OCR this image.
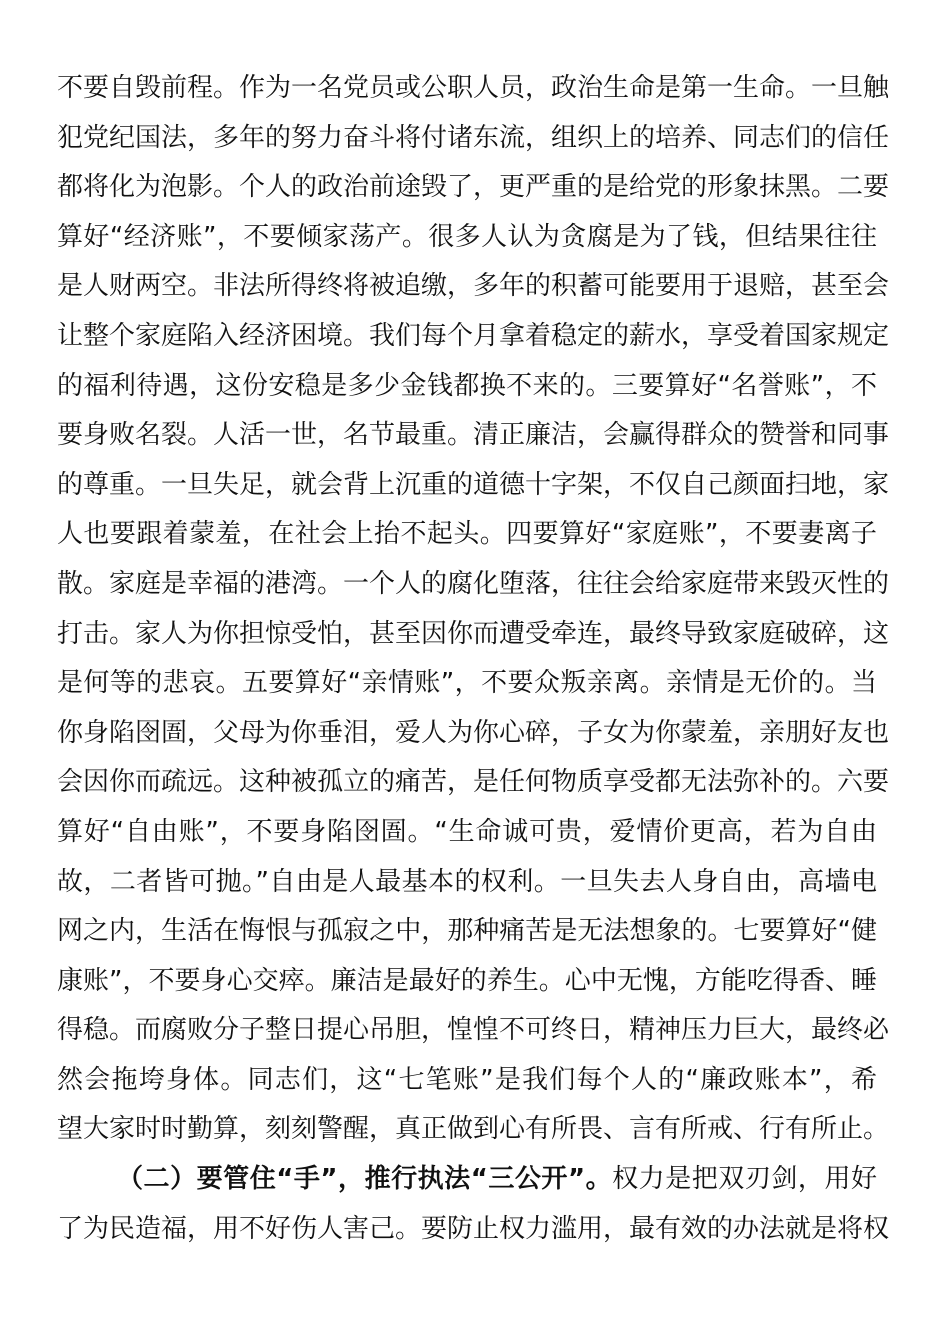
不要自毁前程。作为一名党员或公职人员，政治生命是第一生命。一旦触
犯党纪国法，多年的努力奋斗将付诸东流，组织上的培养、同志们的信任
都将化为泡影。个人的政治前途毁了，更严重的是给党的形象抹黑。二要
算好“经济账”，不要倾家荡产。很多人认为贪腐是为了钱，但结果往往
是人财两空。非法所得终将被追缴，多年的积蓄可能要用于退赔，甚至会
让整个家庭陷入经济困境。我们每个月拿着稳定的薪水，享受着国家规定
的福利待遇，这份安稳是多少金钱都换不来的。三要算好“名誉账”，不
要身败名裂。人活一世，名节最重。清正廉洁，会赢得群众的赞誉和同事
的尊重。一旦失足，就会背上沉重的道德十字架，不仅自己颜面扫地，家
人也要跟着蒙羞，在社会上抬不起头。四要算好“家庭账”，不要妻离子
散。家庭是幸福的港湾。一个人的腐化堕落，往往会给家庭带来毁灭性的
打击。家人为你担惊受怕，甚至因你而遭受牵连，最终导致家庭破碎，这
是何等的悲哀。五要算好“亲情账”，不要众叛亲离。亲情是无价的。当
你身陷囹圄，父母为你垂泪，爱人为你心碎，子女为你蒙羞，亲朋好友也
会因你而疏远。这种被孤立的痛苦，是任何物质享受都无法弥补的。六要
算好“自由账”，不要身陷囹圄。“生命诚可贵，爱情价更高，若为自由
故，二者皆可抛。”自由是人最基本的权利。一旦失去人身自由，高墙电
网之内，生活在悔恨与孤寂之中，那种痛苦是无法想象的。七要算好“健
康账”，不要身心交瘁。廉洁是最好的养生。心中无愧，方能吃得香、睡
得稳。而腐败分子整日提心吊胆，惶惶不可终日，精神压力巨大，最终必
然会拖垮身体。同志们，这“七笔账”是我们每个人的“廉政账本”，希
望大家时时勤算，刻刻警醒，真正做到心有所畏、言有所戒、行有所止。
（二）要管住“手”，推行执法“三公开”。权力是把双刃剑，用好
了为民造福，用不好伤人害己。要防止权力滥用，最有效的办法就是将权
